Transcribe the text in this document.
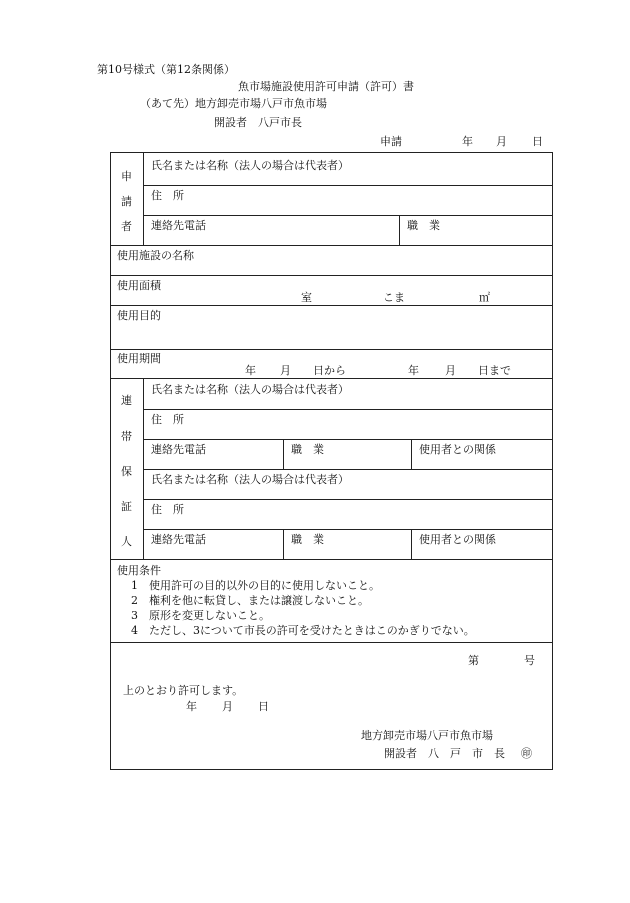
第10号様式（第12条関係）
魚市場施設使用許可申請（許可）書
（あて先）地方卸売市場八戸市魚市場
開設者　八戸市長
申請	年 月 日
申
請
者
氏名または名称（法人の場合は代表者）
住　所
連絡先電話	職　業
使用施設の名称
使用面積
室	こま	㎡
使用目的
使用期間
年 月 日から	年 月 日まで
連
帯
保
証
人
氏名または名称（法人の場合は代表者）
住　所
連絡先電話	職　業	使用者との関係
氏名または名称（法人の場合は代表者）
住　所
連絡先電話	職　業	使用者との関係
使用条件
1　 使用許可の目的以外の目的に使用しないこと。
2　 権利を他に転貸し、または譲渡しないこと。
3　 原形を変更しないこと。
4　 ただし、3について市長の許可を受けたときはこのかぎりでない。
第	号
上のとおり許可します。
年 月 日
地方卸売市場八戸市魚市場
開設者　八　戸　市　長 ㊞
